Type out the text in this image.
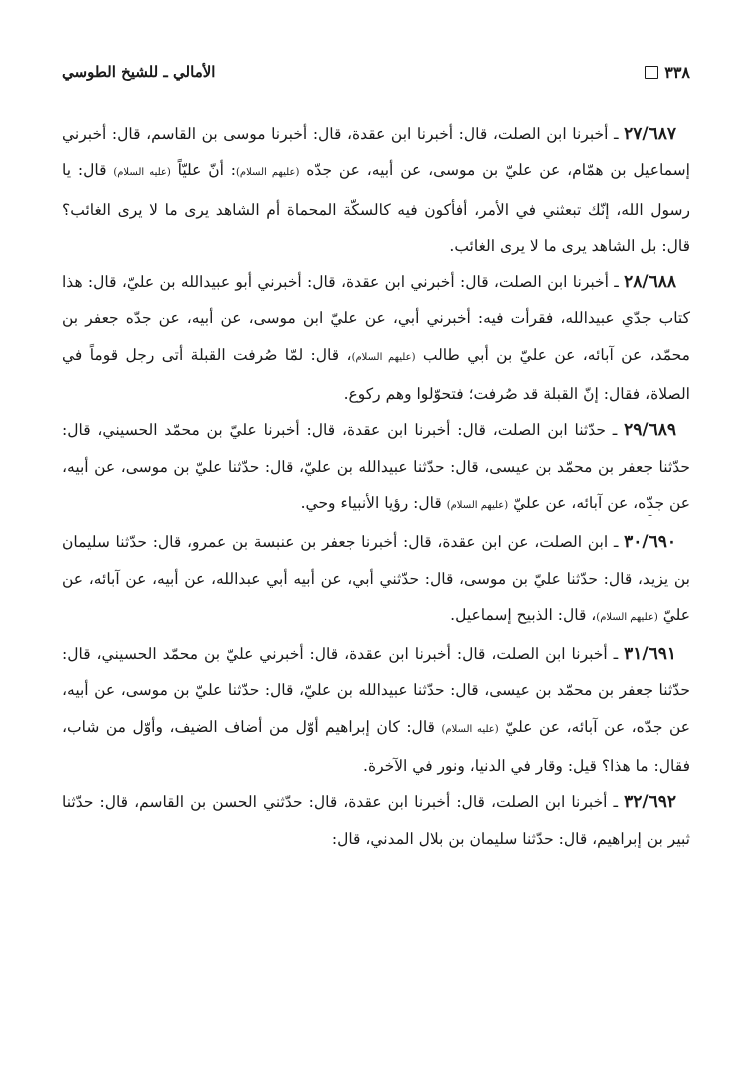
٣٣٨
الأمالي ـ للشيخ الطوسي

٢٧/٦٨٧ ـ أخبرنا ابن الصلت، قال: أخبرنا ابن عقدة، قال: أخبرنا موسى بن القاسم، قال: أخبرني إسماعيل بن همّام، عن عليّ بن موسى، عن أبيه، عن جدّه (عليهم السلام): أنّ عليّاً (عليه السلام) قال: يا رسول الله، إنّك تبعثني في الأمر، أفأكون فيه كالسكّة المحماة أم الشاهد يرى ما لا يرى الغائب؟ قال: بل الشاهد يرى ما لا يرى الغائب.

٢٨/٦٨٨ ـ أخبرنا ابن الصلت، قال: أخبرني ابن عقدة، قال: أخبرني أبو عبيدالله بن عليّ، قال: هذا كتاب جدّي عبيدالله، فقرأت فيه: أخبرني أبي، عن عليّ ابن موسى، عن أبيه، عن جدّه جعفر بن محمّد، عن آبائه، عن عليّ بن أبي طالب (عليهم السلام)، قال: لمّا صُرفت القبلة أتى رجل قوماً في الصلاة، فقال: إنّ القبلة قد صُرفت؛ فتحوّلوا وهم ركوع.

٢٩/٦٨٩ ـ حدّثنا ابن الصلت، قال: أخبرنا ابن عقدة، قال: أخبرنا عليّ بن محمّد الحسيني، قال: حدّثنا جعفر بن محمّد بن عيسى، قال: حدّثنا عبيدالله بن عليّ، قال: حدّثنا عليّ بن موسى، عن أبيه، عن جدّه، عن آبائه، عن عليّ (عليهم السلام) قال: رؤيا الأنبياء وحي.

٣٠/٦٩٠ ـ ابن الصلت، عن ابن عقدة، قال: أخبرنا جعفر بن عنبسة بن عمرو، قال: حدّثنا سليمان بن يزيد، قال: حدّثنا عليّ بن موسى، قال: حدّثني أبي، عن أبيه أبي عبدالله، عن أبيه، عن آبائه، عن عليّ (عليهم السلام)، قال: الذبيح إسماعيل.

٣١/٦٩١ ـ أخبرنا ابن الصلت، قال: أخبرنا ابن عقدة، قال: أخبرني عليّ بن محمّد الحسيني، قال: حدّثنا جعفر بن محمّد بن عيسى، قال: حدّثنا عبيدالله بن عليّ، قال: حدّثنا عليّ بن موسى، عن أبيه، عن جدّه، عن آبائه، عن عليّ (عليه السلام) قال: كان إبراهيم أوّل من أضاف الضيف، وأوّل من شاب، فقال: ما هذا؟ قيل: وقار في الدنيا، ونور في الآخرة.

٣٢/٦٩٢ ـ أخبرنا ابن الصلت، قال: أخبرنا ابن عقدة، قال: حدّثني الحسن بن القاسم، قال: حدّثنا ثبير بن إبراهيم، قال: حدّثنا سليمان بن بلال المدني، قال:

-
